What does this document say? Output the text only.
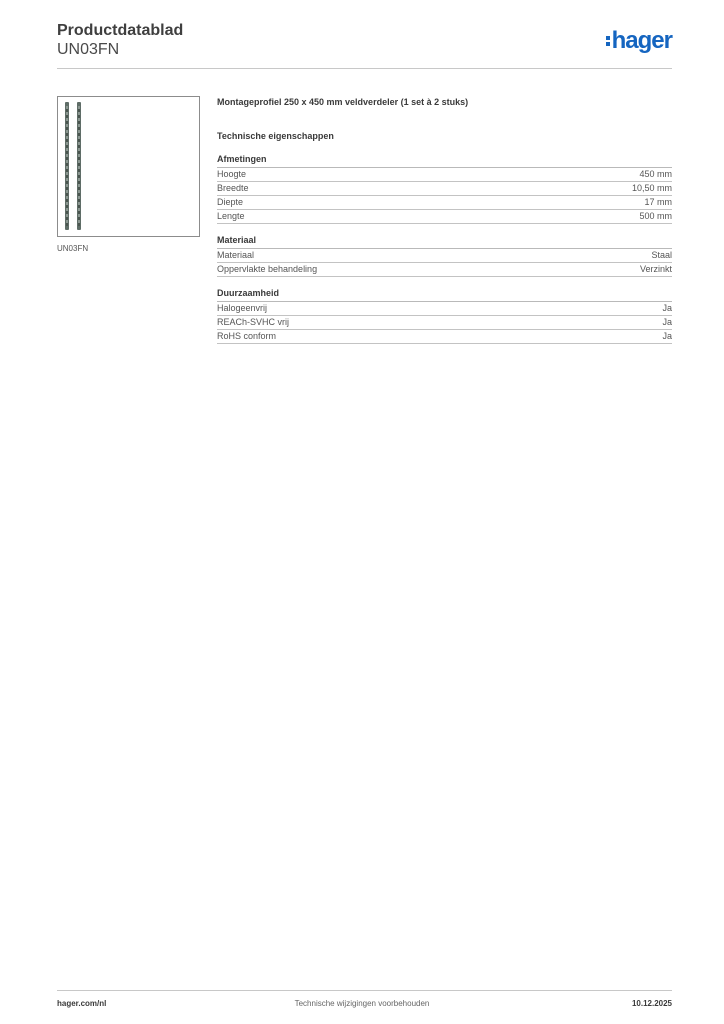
Productdatablad
UN03FN	hager
UN03FN
Montageprofiel 250 x 450 mm veldverdeler (1 set à 2 stuks)
Technische eigenschappen
Afmetingen
Hoogte	450 mm
Breedte	10,50 mm
Diepte	17 mm
Lengte	500 mm
Materiaal
Materiaal	Staal
Oppervlakte behandeling	Verzinkt
Duurzaamheid
Halogeenvrij	Ja
REACh-SVHC vrij	Ja
RoHS conform	Ja
hager.com/nl	Technische wijzigingen voorbehouden	10.12.2025
